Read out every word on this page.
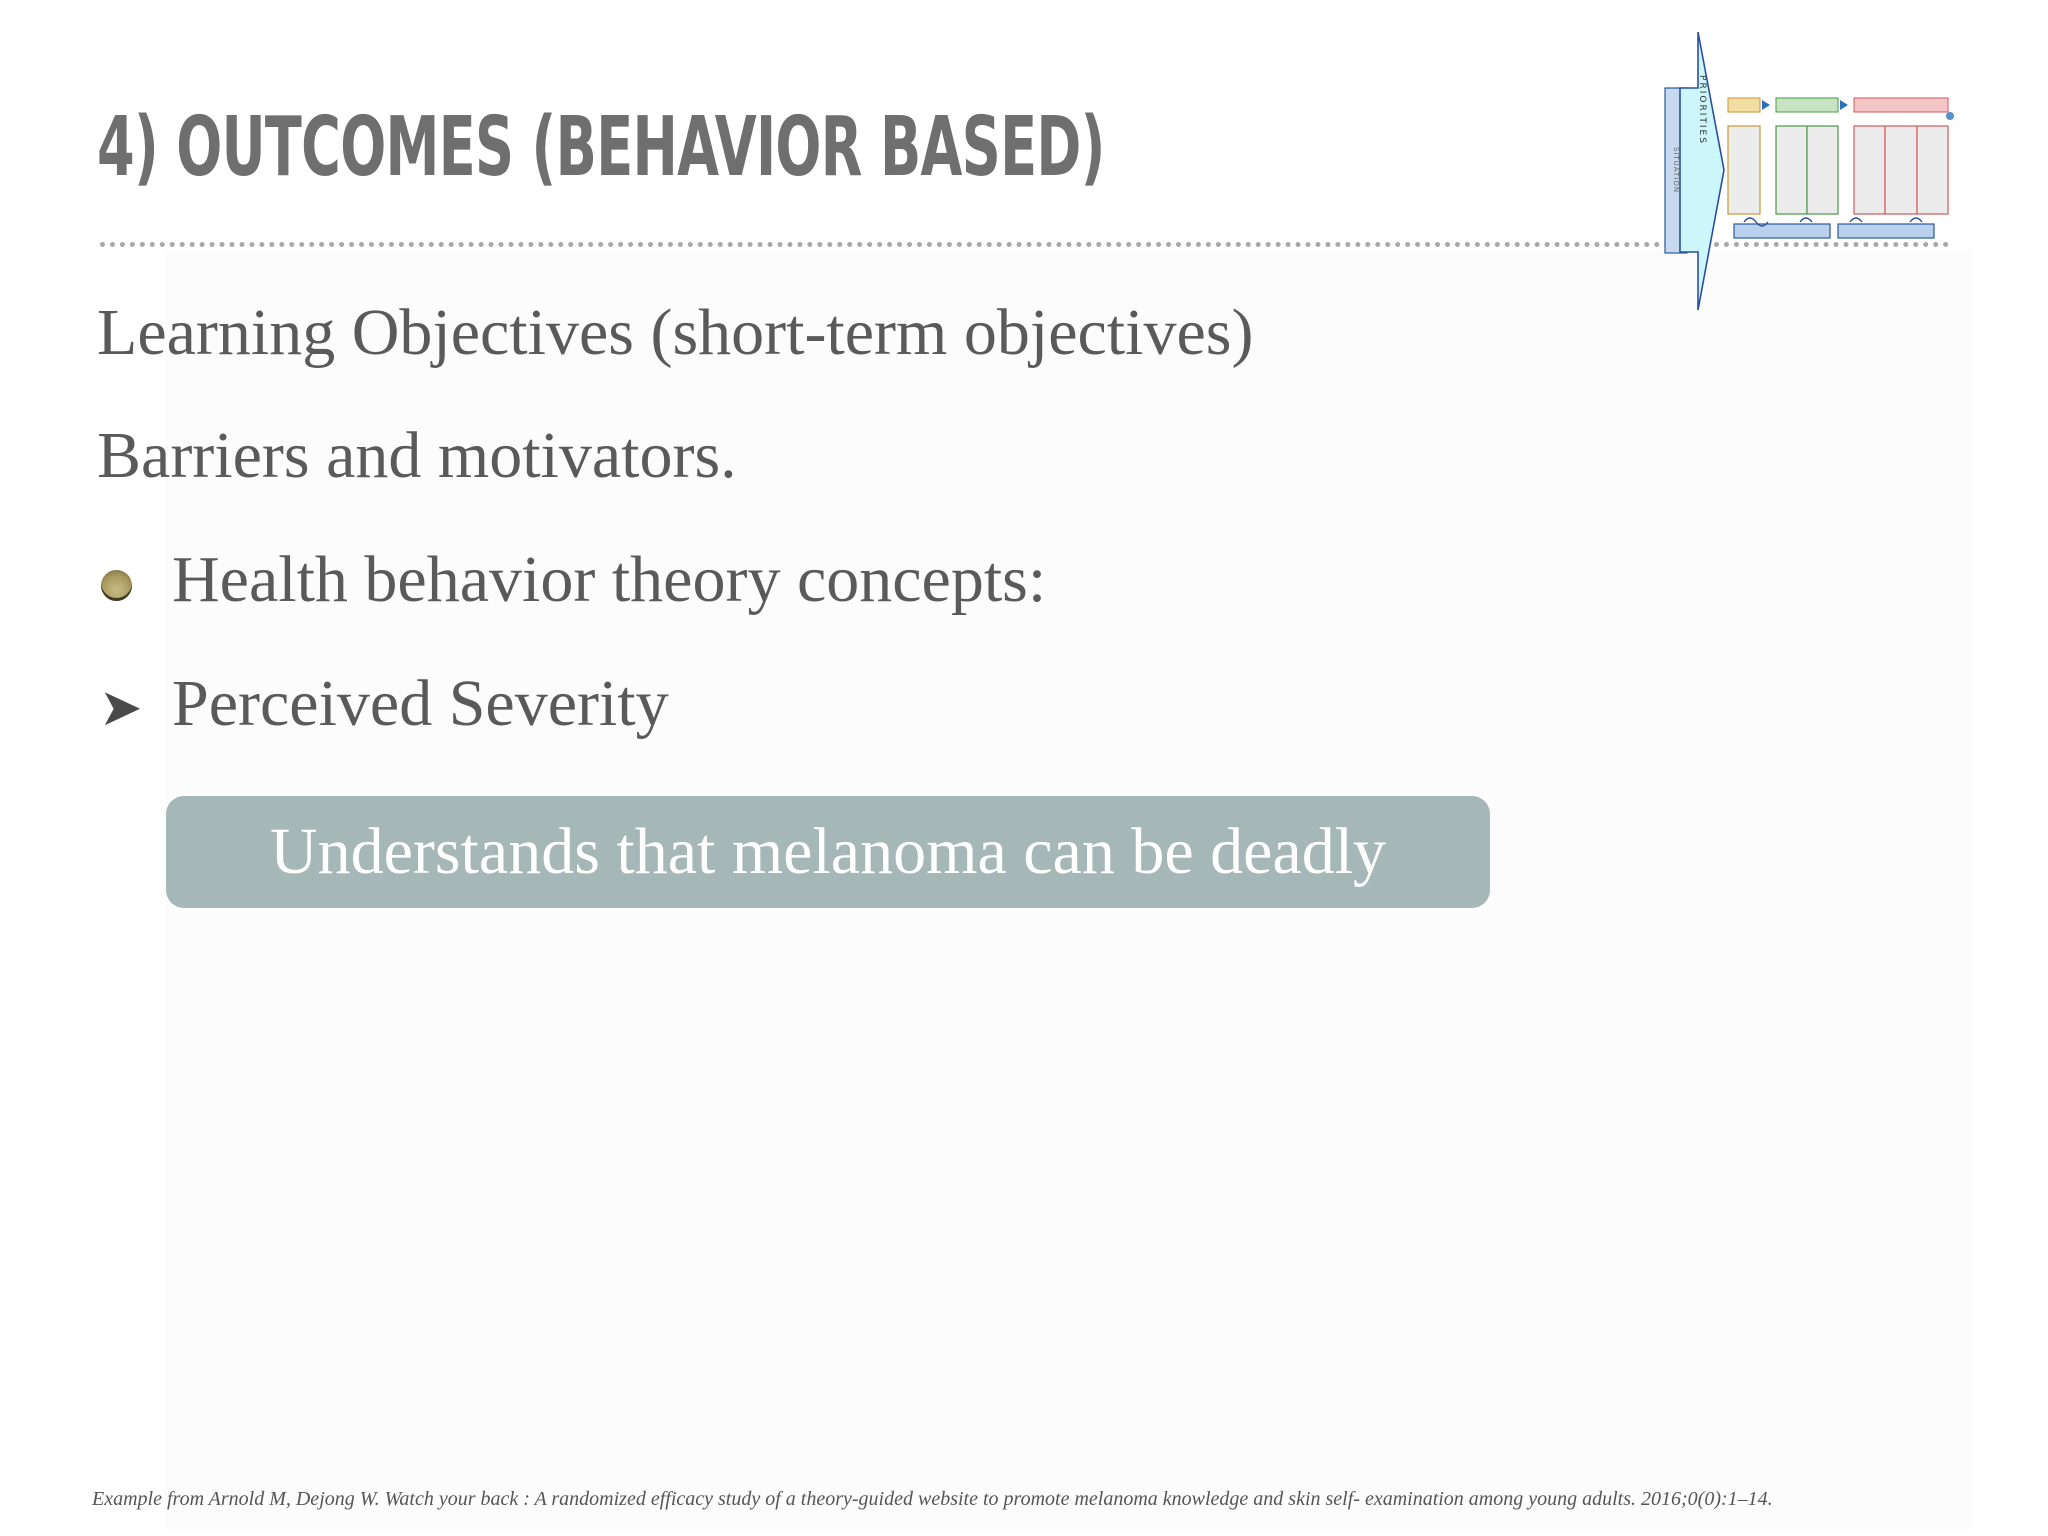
4) OUTCOMES (BEHAVIOR BASED)	SITUATION
PRIORITIES
Learning Objectives (short-term objectives)
Barriers and motivators.
Health behavior theory concepts:
➤ Perceived Severity
Understands that melanoma can be deadly
Example from Arnold M, Dejong W. Watch your back : A randomized efficacy study of a theory-guided website to promote melanoma knowledge and skin self- examination among young adults. 2016;0(0):1–14.
